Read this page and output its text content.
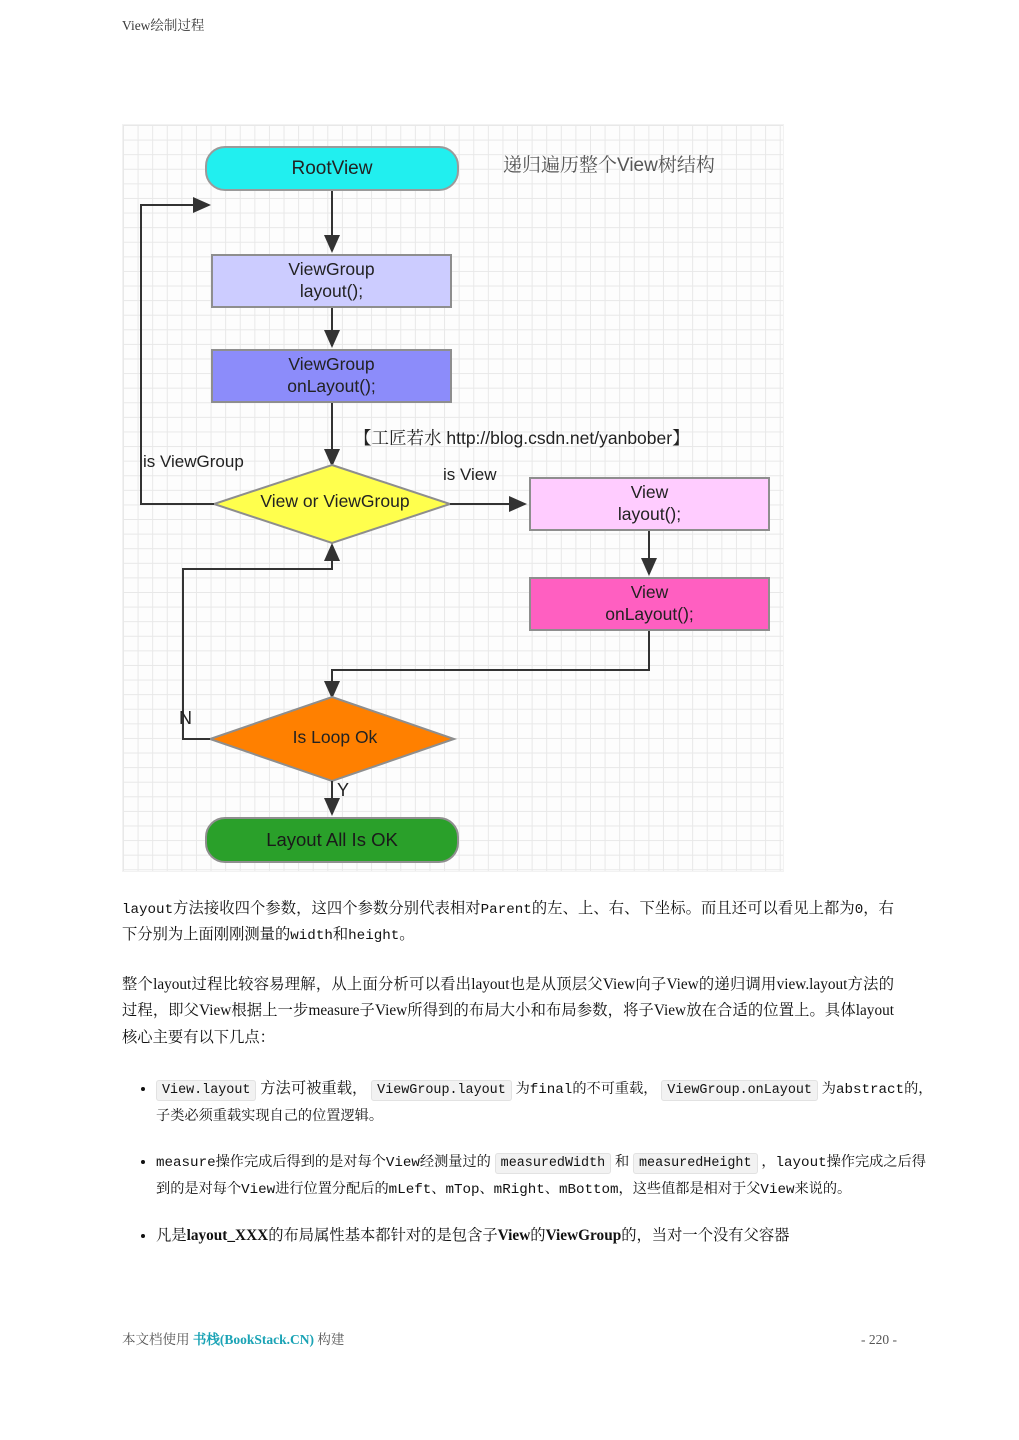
View绘制过程
RootView
ViewGroup
layout();
ViewGroup
onLayout();
View or ViewGroup	View
layout();
View
onLayout();
Is Loop Ok
Layout All Is OK
is ViewGroup
is View
N
Y
递归遍历整个View树结构
【工匠若水 http://blog.csdn.net/yanbober】
layout方法接收四个参数，这四个参数分别代表相对Parent的左、上、右、下坐标。而且还可以看见上都为0，右下分别为上面刚刚测量的width和height。
整个layout过程比较容易理解，从上面分析可以看出layout也是从顶层父View向子View的递归调用view.layout方法的过程，即父View根据上一步measure子View所得到的布局大小和布局参数，将子View放在合适的位置上。具体layout核心主要有以下几点：
• View.layout 方法可被重载， ViewGroup.layout 为final的不可重载， ViewGroup.onLayout 为abstract的，子类必须重载实现自己的位置逻辑。
• measure操作完成后得到的是对每个View经测量过的 measuredWidth 和 measuredHeight ，layout操作完成之后得到的是对每个View进行位置分配后的mLeft、mTop、mRight、mBottom，这些值都是相对于父View来说的。
• 凡是layout_XXX的布局属性基本都针对的是包含子View的ViewGroup的，当对一个没有父容器
本文档使用 书栈(BookStack.CN) 构建	- 220 -
